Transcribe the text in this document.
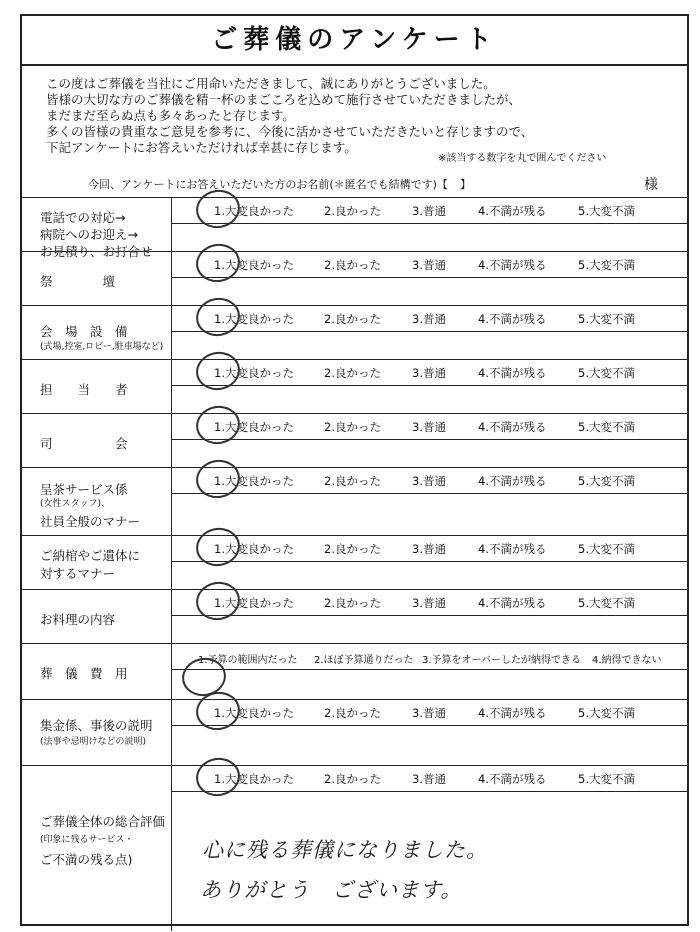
ご葬儀のアンケート
この度はご葬儀を当社にご用命いただきまして、誠にありがとうございました。
皆様の大切な方のご葬儀を精一杯のまごころを込めて施行させていただきましたが、
まだまだ至らぬ点も多々あったと存じます。
多くの皆様の貴重なご意見を参考に、今後に活かさせていただきたいと存じますので、
下記アンケートにお答えいただければ幸甚に存じます。
※該当する数字を丸で囲んでください
今回、アンケートにお答えいただいた方のお名前(＊匿名でも結構です)【 】	様
電話での対応→
病院へのお迎え→
お見積り、お打合せ
1.大変良かった	2.良かった	3.普通	4.不満が残る	5.大変不満
祭　　　　壇
1.大変良かった	2.良かった	3.普通	4.不満が残る	5.大変不満
会　場　設　備
(式場,控室,ロビー,駐車場など)
1.大変良かった	2.良かった	3.普通	4.不満が残る	5.大変不満
担　　当　　者
1.大変良かった	2.良かった	3.普通	4.不満が残る	5.大変不満
司　　　　　会
1.大変良かった	2.良かった	3.普通	4.不満が残る	5.大変不満
呈茶サービス係
(女性スタッフ)、
社員全般のマナー
1.大変良かった	2.良かった	3.普通	4.不満が残る	5.大変不満
ご納棺やご遺体に
対するマナー
1.大変良かった	2.良かった	3.普通	4.不満が残る	5.大変不満
お料理の内容
1.大変良かった	2.良かった	3.普通	4.不満が残る	5.大変不満
葬　儀　費　用
1.予算の範囲内だった 2.ほぼ予算通りだった 3.予算をオーバーしたが納得できる 4.納得できない
集金係、事後の説明
(法事や忌明けなどの説明)
1.大変良かった	2.良かった	3.普通	4.不満が残る	5.大変不満
ご葬儀全体の総合評価
(印象に残るサービス・
ご不満の残る点)
1.大変良かった	2.良かった	3.普通	4.不満が残る	5.大変不満
心に残る葬儀になりました。
ありがとう　ございます。
